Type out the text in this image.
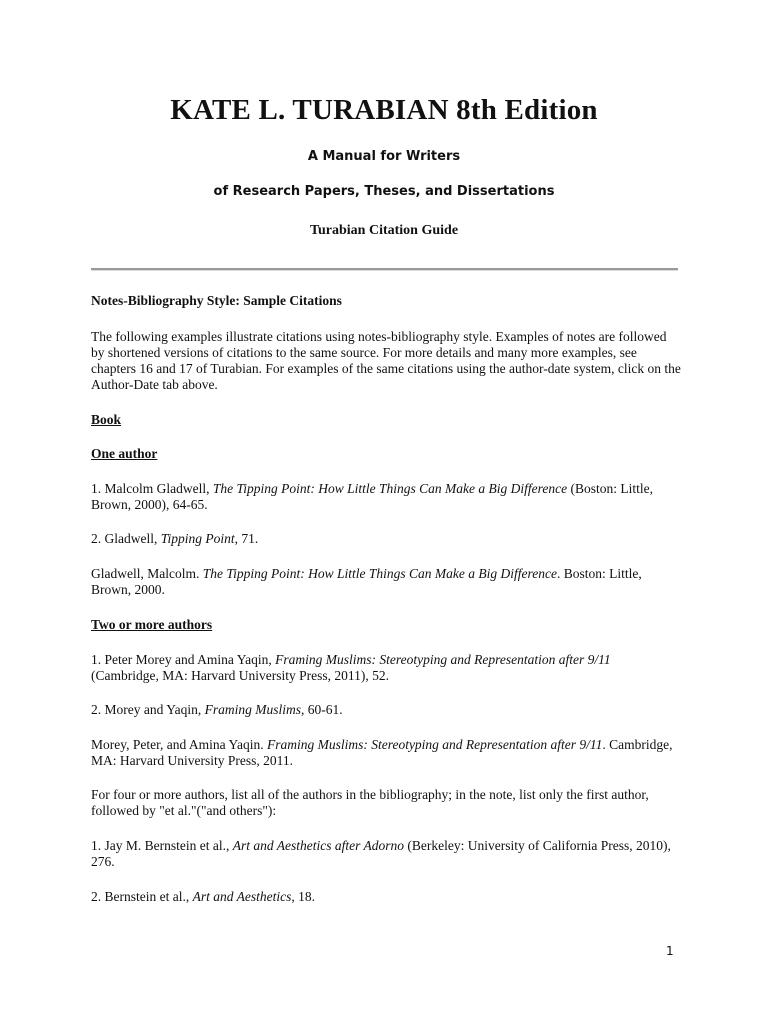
KATE L. TURABIAN 8th Edition
A Manual for Writers
of Research Papers, Theses, and Dissertations
Turabian Citation Guide
Notes-Bibliography Style: Sample Citations
The following examples illustrate citations using notes-bibliography style. Examples of notes are followed by shortened versions of citations to the same source. For more details and many more examples, see chapters 16 and 17 of Turabian. For examples of the same citations using the author-date system, click on the Author-Date tab above.
Book
One author
1. Malcolm Gladwell, The Tipping Point: How Little Things Can Make a Big Difference (Boston: Little, Brown, 2000), 64-65.
2. Gladwell, Tipping Point, 71.
Gladwell, Malcolm. The Tipping Point: How Little Things Can Make a Big Difference. Boston: Little, Brown, 2000.
Two or more authors
1. Peter Morey and Amina Yaqin, Framing Muslims: Stereotyping and Representation after 9/11 (Cambridge, MA: Harvard University Press, 2011), 52.
2. Morey and Yaqin, Framing Muslims, 60-61.
Morey, Peter, and Amina Yaqin. Framing Muslims: Stereotyping and Representation after 9/11. Cambridge, MA: Harvard University Press, 2011.
For four or more authors, list all of the authors in the bibliography; in the note, list only the first author, followed by "et al."("and others"):
1. Jay M. Bernstein et al., Art and Aesthetics after Adorno (Berkeley: University of California Press, 2010), 276.
2. Bernstein et al., Art and Aesthetics, 18.
1
